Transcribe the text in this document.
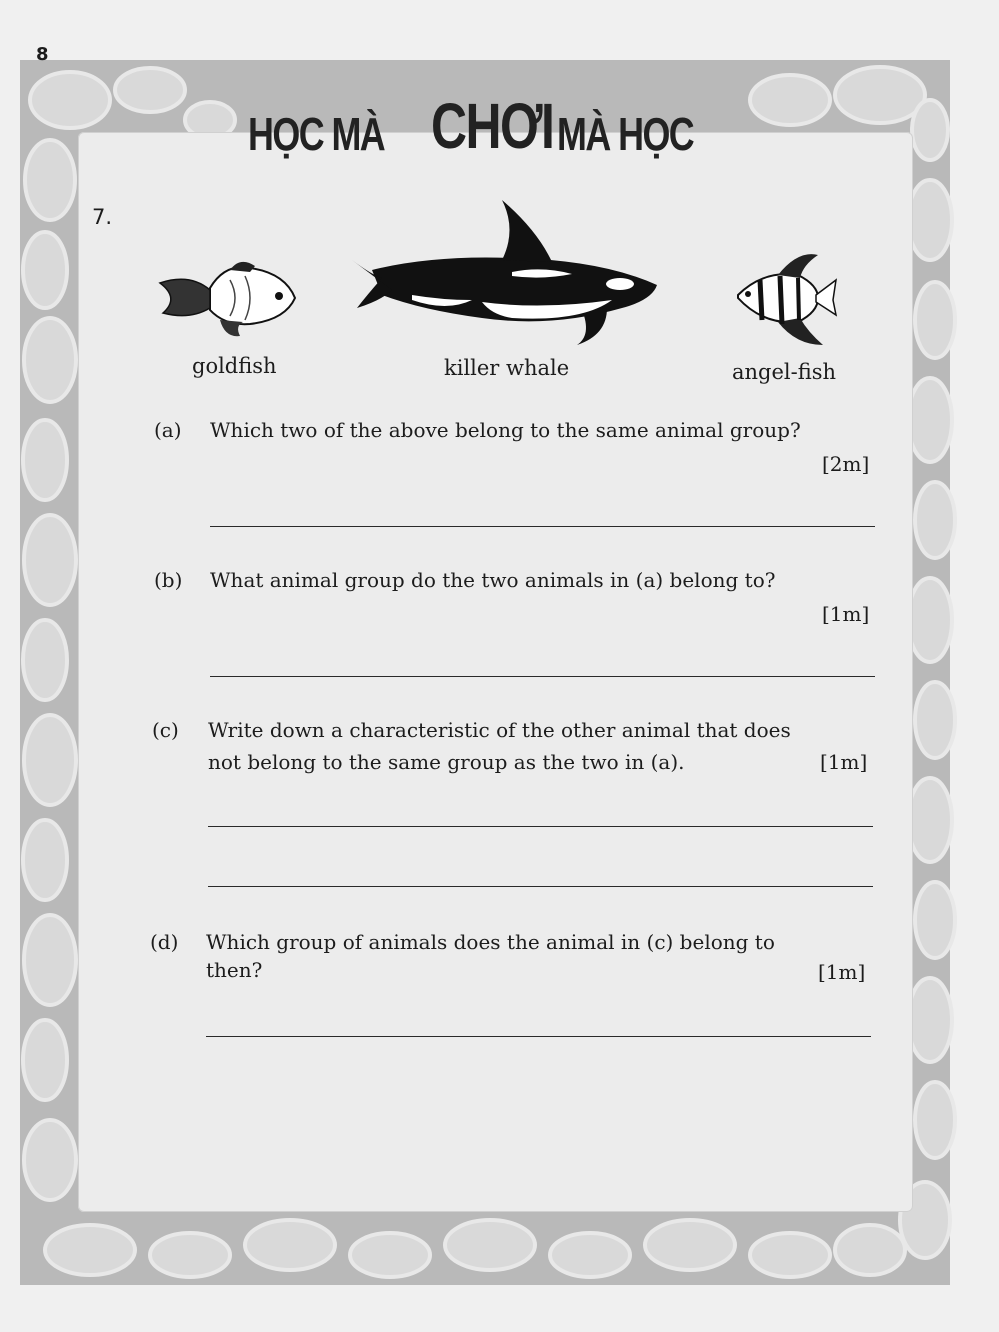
8
HỌC MÀ CHƠI MÀ HỌC
7.
goldfish	killer whale	angel-fish
(a) Which two of the above belong to the same animal group?
[2m]
(b) What animal group do the two animals in (a) belong to?
[1m]
(c) Write down a characteristic of the other animal that does
not belong to the same group as the two in (a).	[1m]
(d) Which group of animals does the animal in (c) belong to
then?	[1m]
